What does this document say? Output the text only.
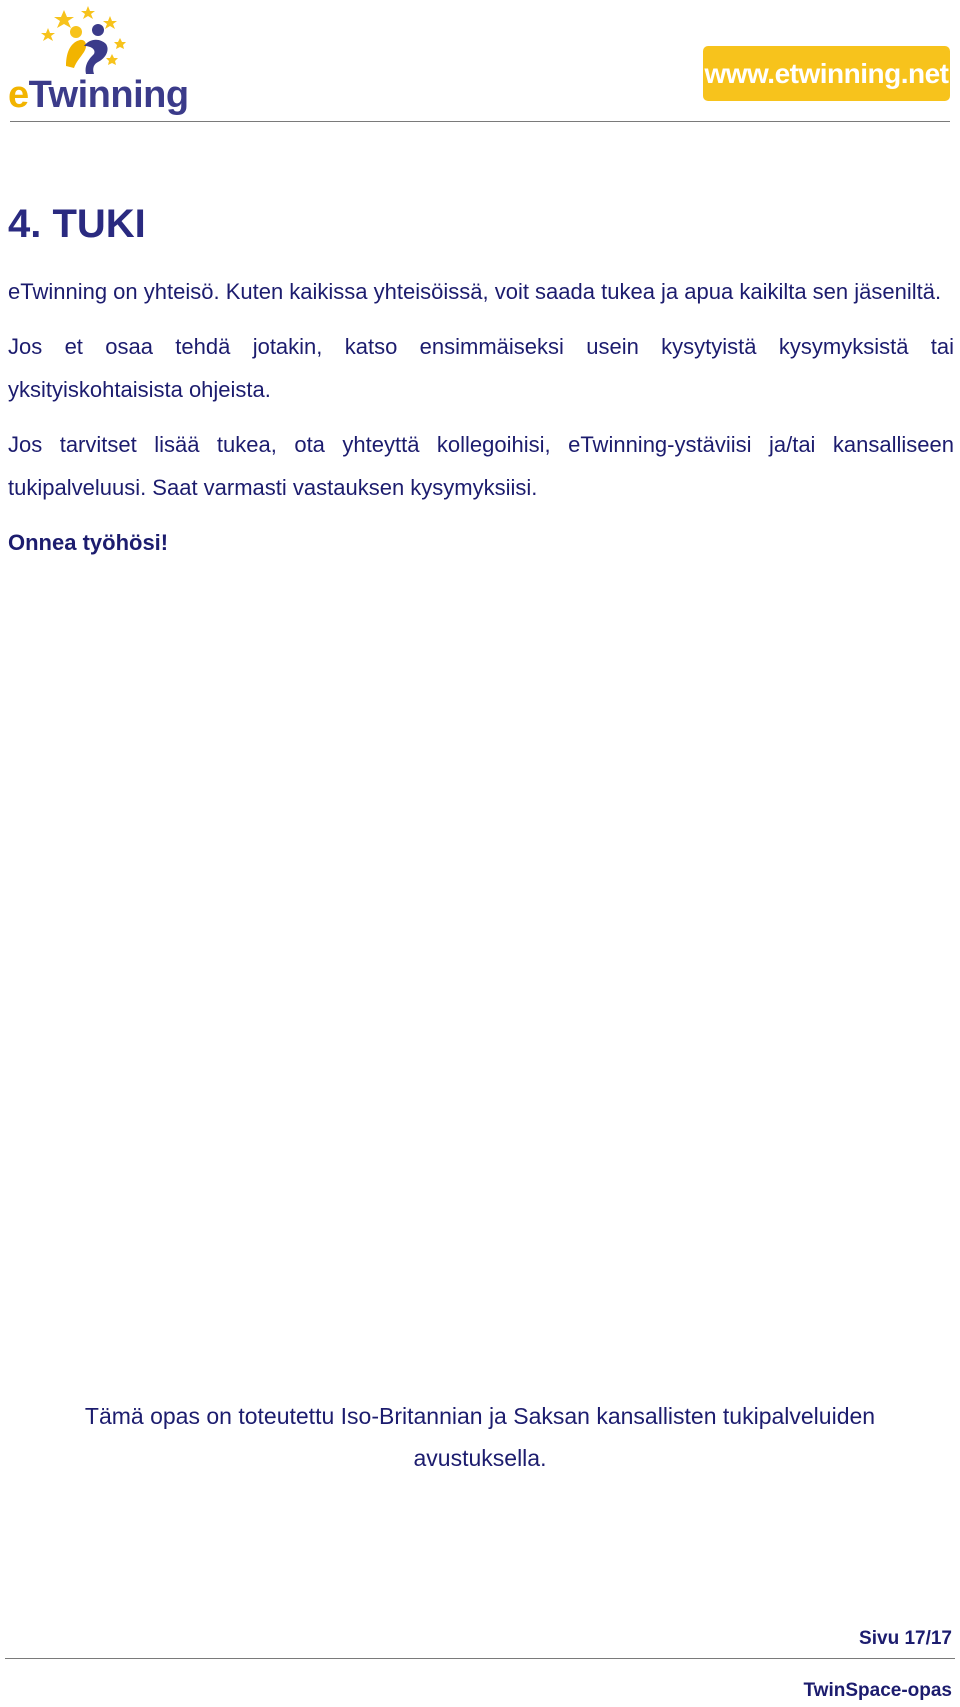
eTwinning
www.etwinning.net
4. TUKI

eTwinning on yhteisö. Kuten kaikissa yhteisöissä, voit saada tukea ja apua kaikilta sen jäseniltä.

Jos et osaa tehdä jotakin, katso ensimmäiseksi usein kysytyistä kysymyksistä tai yksityiskohtaisista ohjeista.

Jos tarvitset lisää tukea, ota yhteyttä kollegoihisi, eTwinning-ystäviisi ja/tai kansalliseen tukipalveluusi. Saat varmasti vastauksen kysymyksiisi.

Onnea työhösi!

Tämä opas on toteutettu Iso-Britannian ja Saksan kansallisten tukipalveluiden avustuksella.
Sivu 17/17
TwinSpace-opas
